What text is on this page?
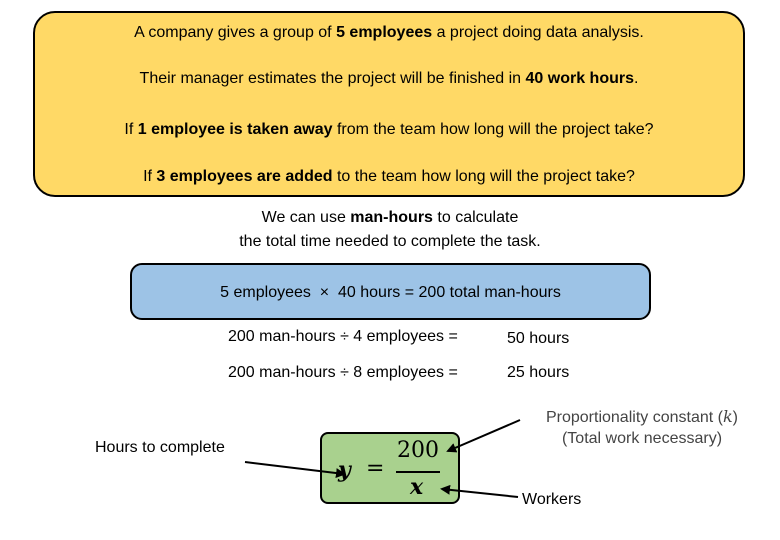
A company gives a group of 5 employees a project doing data analysis.
Their manager estimates the project will be finished in 40 work hours.
If 1 employee is taken away from the team how long will the project take?
If 3 employees are added to the team how long will the project take?
We can use man-hours to calculate
the total time needed to complete the task.
5 employees  ×  40 hours = 200 total man-hours
200 man-hours ÷ 4 employees =	50 hours
200 man-hours ÷ 8 employees =	25 hours
Hours to complete
Proportionality constant (k)
(Total work necessary)
Workers
y =
200
x
